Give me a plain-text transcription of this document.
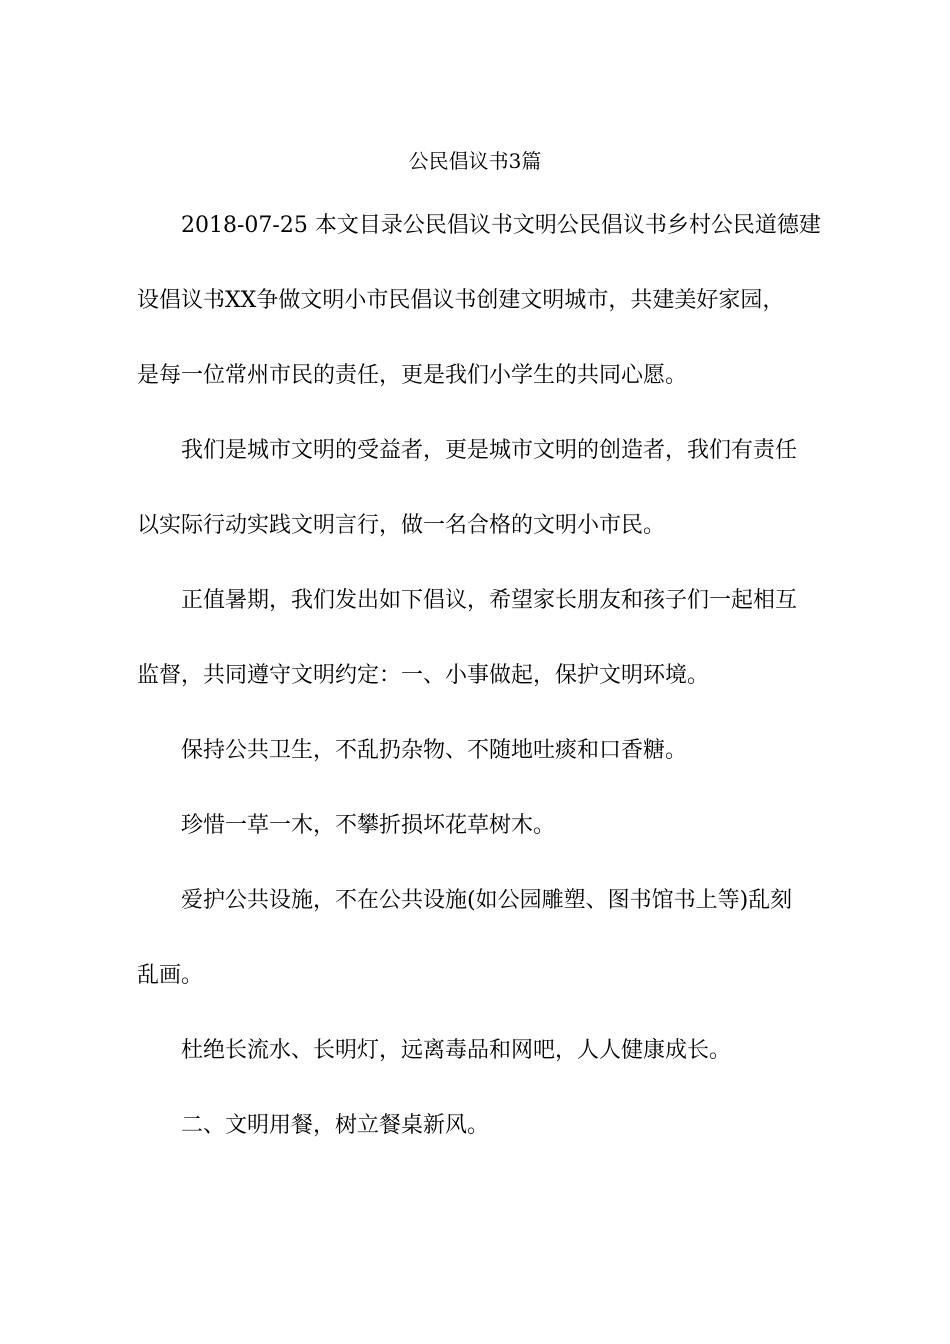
公民倡议书3篇
2018-07-25 本文目录公民倡议书文明公民倡议书乡村公民道德建
设倡议书XX争做文明小市民倡议书创建文明城市，共建美好家园，
是每一位常州市民的责任，更是我们小学生的共同心愿。
我们是城市文明的受益者，更是城市文明的创造者，我们有责任
以实际行动实践文明言行，做一名合格的文明小市民。
正值暑期，我们发出如下倡议，希望家长朋友和孩子们一起相互
监督，共同遵守文明约定：一、小事做起，保护文明环境。
保持公共卫生，不乱扔杂物、不随地吐痰和口香糖。
珍惜一草一木，不攀折损坏花草树木。
爱护公共设施，不在公共设施(如公园雕塑、图书馆书上等)乱刻
乱画。
杜绝长流水、长明灯，远离毒品和网吧，人人健康成长。
二、文明用餐，树立餐桌新风。
